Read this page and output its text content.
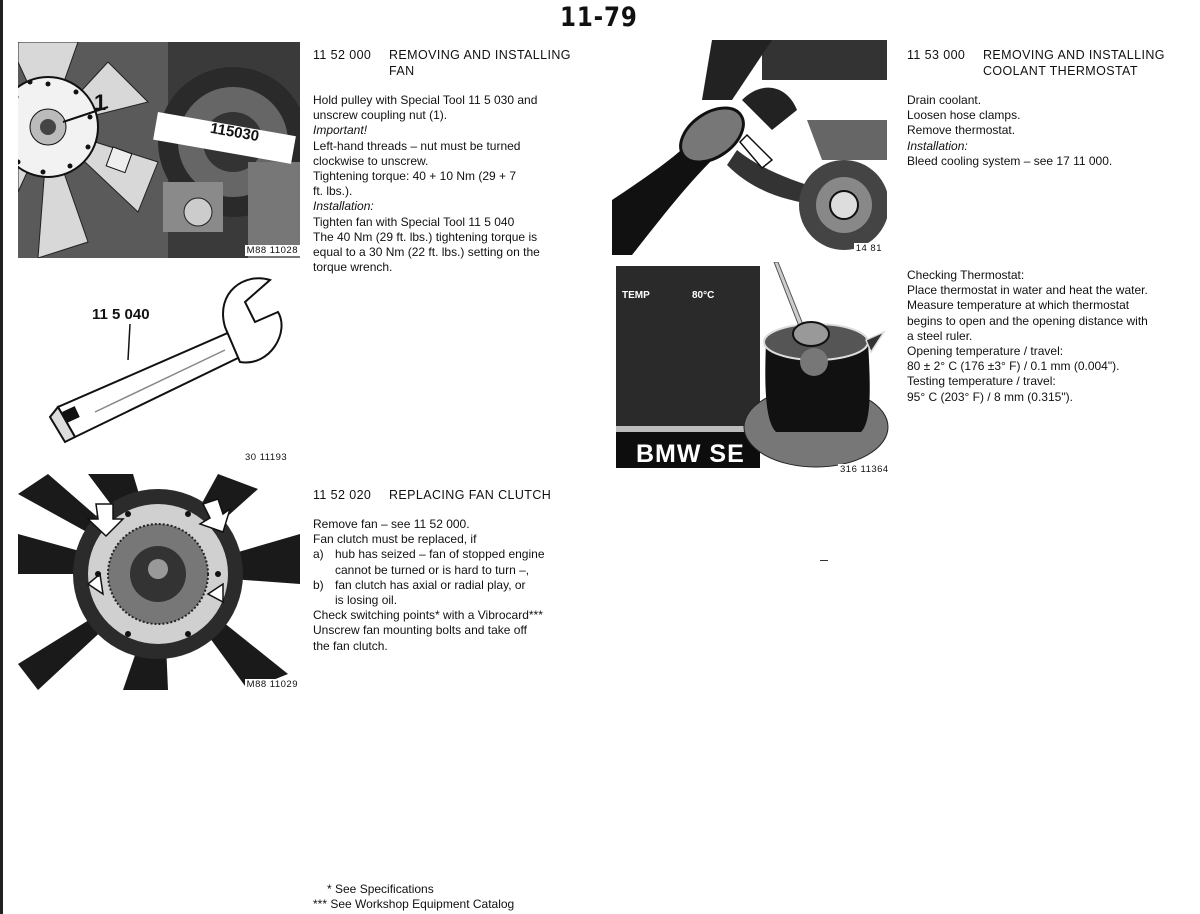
11-79
1
115030
M88 11028
11 5 040
30 11193
M88 11029
14 81
TEMP	80°C
BMW SE
316 11364
11 52 000 REMOVING AND INSTALLING
FAN
Hold pulley with Special Tool 11 5 030 and
unscrew coupling nut (1).
Important!
Left-hand threads – nut must be turned
clockwise to unscrew.
Tightening torque: 40 + 10 Nm (29 + 7
ft. lbs.).
Installation:
Tighten fan with Special Tool 11 5 040
The 40 Nm (29 ft. lbs.) tightening torque is
equal to a 30 Nm (22 ft. lbs.) setting on the
torque wrench.
11 52 020 REPLACING FAN CLUTCH
Remove fan – see 11 52 000.
Fan clutch must be replaced, if
a) hub has seized – fan of stopped engine
cannot be turned or is hard to turn –,
b) fan clutch has axial or radial play, or
is losing oil.
Check switching points* with a Vibrocard***
Unscrew fan mounting bolts and take off
the fan clutch.
11 53 000 REMOVING AND INSTALLING
COOLANT THERMOSTAT
Drain coolant.
Loosen hose clamps.
Remove thermostat.
Installation:
Bleed cooling system – see 17 11 000.
Checking Thermostat:
Place thermostat in water and heat the water.
Measure temperature at which thermostat
begins to open and the opening distance with
a steel ruler.
Opening temperature / travel:
80 ± 2° C (176 ±3° F) / 0.1 mm (0.004").
Testing temperature / travel:
95° C (203° F) / 8 mm (0.315").
* See Specifications
*** See Workshop Equipment Catalog
